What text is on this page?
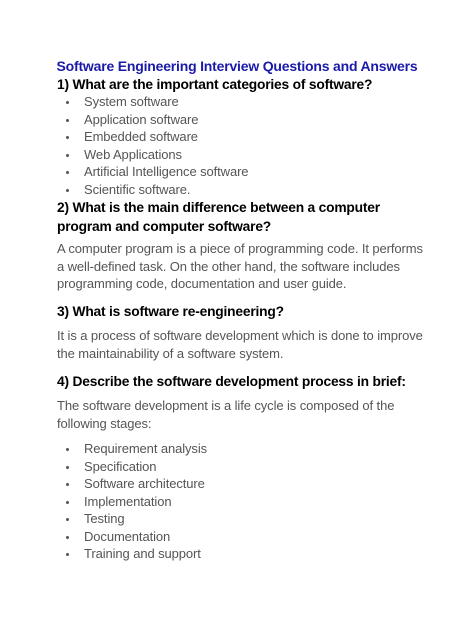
Software Engineering Interview Questions and Answers
1) What are the important categories of software?
System software
Application software
Embedded software
Web Applications
Artificial Intelligence software
Scientific software.
2) What is the main difference between a computer program and computer software?
A computer program is a piece of programming code. It performs a well-defined task. On the other hand, the software includes programming code, documentation and user guide.
3) What is software re-engineering?
It is a process of software development which is done to improve the maintainability of a software system.
4) Describe the software development process in brief:
The software development is a life cycle is composed of the following stages:
Requirement analysis
Specification
Software architecture
Implementation
Testing
Documentation
Training and support
